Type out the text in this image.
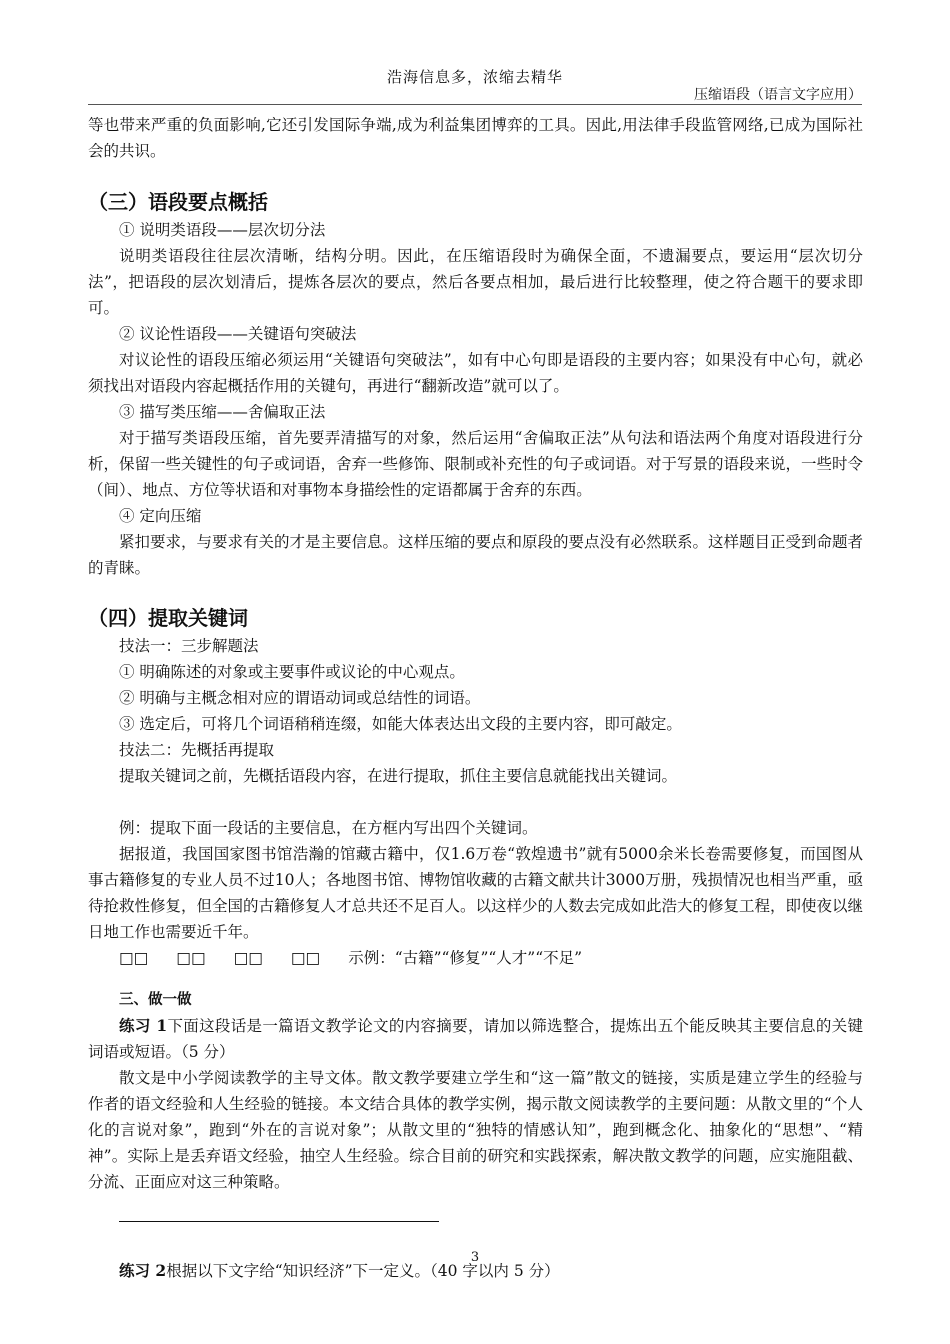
浩海信息多，浓缩去精华
压缩语段（语言文字应用）

等也带来严重的负面影响,它还引发国际争端,成为利益集团博弈的工具。因此,用法律手段监管网络,已成为国际社会的共识。

（三）语段要点概括

① 说明类语段——层次切分法

说明类语段往往层次清晰，结构分明。因此，在压缩语段时为确保全面，不遗漏要点，要运用“层次切分法”，把语段的层次划清后，提炼各层次的要点，然后各要点相加，最后进行比较整理，使之符合题干的要求即可。

② 议论性语段——关键语句突破法

对议论性的语段压缩必须运用“关键语句突破法”，如有中心句即是语段的主要内容；如果没有中心句，就必须找出对语段内容起概括作用的关键句，再进行“翻新改造”就可以了。

③ 描写类压缩——舍偏取正法

对于描写类语段压缩，首先要弄清描写的对象，然后运用“舍偏取正法”从句法和语法两个角度对语段进行分析，保留一些关键性的句子或词语，舍弃一些修饰、限制或补充性的句子或词语。对于写景的语段来说，一些时令（间）、地点、方位等状语和对事物本身描绘性的定语都属于舍弃的东西。

④ 定向压缩

紧扣要求，与要求有关的才是主要信息。这样压缩的要点和原段的要点没有必然联系。这样题目正受到命题者的青睐。

（四）提取关键词

技法一：三步解题法

① 明确陈述的对象或主要事件或议论的中心观点。

② 明确与主概念相对应的谓语动词或总结性的词语。

③ 选定后，可将几个词语稍稍连缀，如能大体表达出文段的主要内容，即可敲定。

技法二：先概括再提取

提取关键词之前，先概括语段内容，在进行提取，抓住主要信息就能找出关键词。

例：提取下面一段话的主要信息，在方框内写出四个关键词。

据报道，我国国家图书馆浩瀚的馆藏古籍中，仅1.6万卷“敦煌遗书”就有5000余米长卷需要修复，而国图从事古籍修复的专业人员不过10人；各地图书馆、博物馆收藏的古籍文献共计3000万册，残损情况也相当严重，亟待抢救性修复，但全国的古籍修复人才总共还不足百人。以这样少的人数去完成如此浩大的修复工程，即使夜以继日地工作也需要近千年。

□□ □□ □□ □□ 示例：“古籍”“修复”“人才”“不足”

三、做一做

练习 1下面这段话是一篇语文教学论文的内容摘要，请加以筛选整合，提炼出五个能反映其主要信息的关键词语或短语。（5 分）

散文是中小学阅读教学的主导文体。散文教学要建立学生和“这一篇”散文的链接，实质是建立学生的经验与作者的语文经验和人生经验的链接。本文结合具体的教学实例，揭示散文阅读教学的主要问题：从散文里的“个人化的言说对象”，跑到“外在的言说对象”；从散文里的“独特的情感认知”，跑到概念化、抽象化的“思想”、“精神”。实际上是丢弃语文经验，抽空人生经验。综合目前的研究和实践探索，解决散文教学的问题，应实施阻截、分流、正面应对这三种策略。

练习 2根据以下文字给“知识经济”下一定义。（40 字以内 5 分）

3
